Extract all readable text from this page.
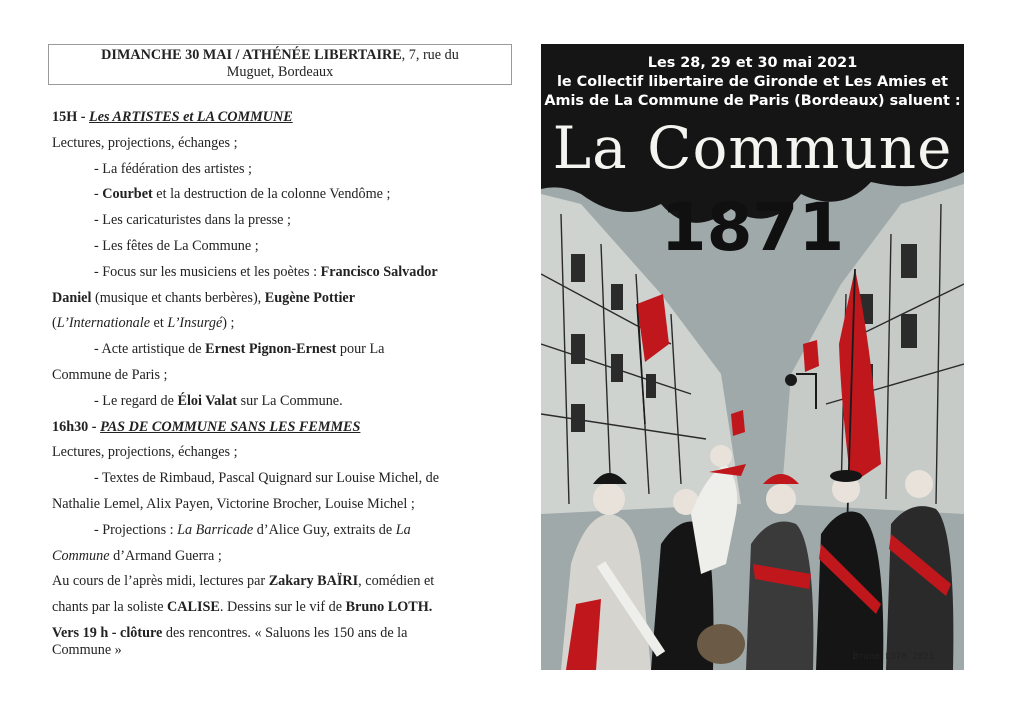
DIMANCHE 30 MAI / ATHÉNÉE LIBERTAIRE, 7, rue du
Muguet, Bordeaux
15H - Les ARTISTES et LA COMMUNE
Lectures, projections, échanges ;
- La fédération des artistes ;
- Courbet et la destruction de la colonne Vendôme ;
- Les caricaturistes dans la presse ;
- Les fêtes de La Commune ;
- Focus sur les musiciens et les poètes : Francisco Salvador
Daniel (musique et chants berbères), Eugène Pottier
(L’Internationale et L’Insurgé) ;
- Acte artistique de Ernest Pignon-Ernest pour La
Commune de Paris ;
- Le regard de Éloi Valat sur La Commune.
16h30 - PAS DE COMMUNE SANS LES FEMMES
Lectures, projections, échanges ;
- Textes de Rimbaud, Pascal Quignard sur Louise Michel, de
Nathalie Lemel, Alix Payen, Victorine Brocher, Louise Michel ;
- Projections : La Barricade d’Alice Guy, extraits de La
Commune d’Armand Guerra ;
Au cours de l’après midi, lectures par Zakary BAÏRI, comédien et
chants par la soliste CALISE. Dessins sur le vif de Bruno LOTH.
Vers 19 h - clôture des rencontres. « Saluons les 150 ans de la
Commune »
Les 28, 29 et 30 mai 2021
le Collectif libertaire de Gironde et Les Amies et
Amis de La Commune de Paris (Bordeaux) saluent :
La Commune
1871
Bruno LOTH 2021
